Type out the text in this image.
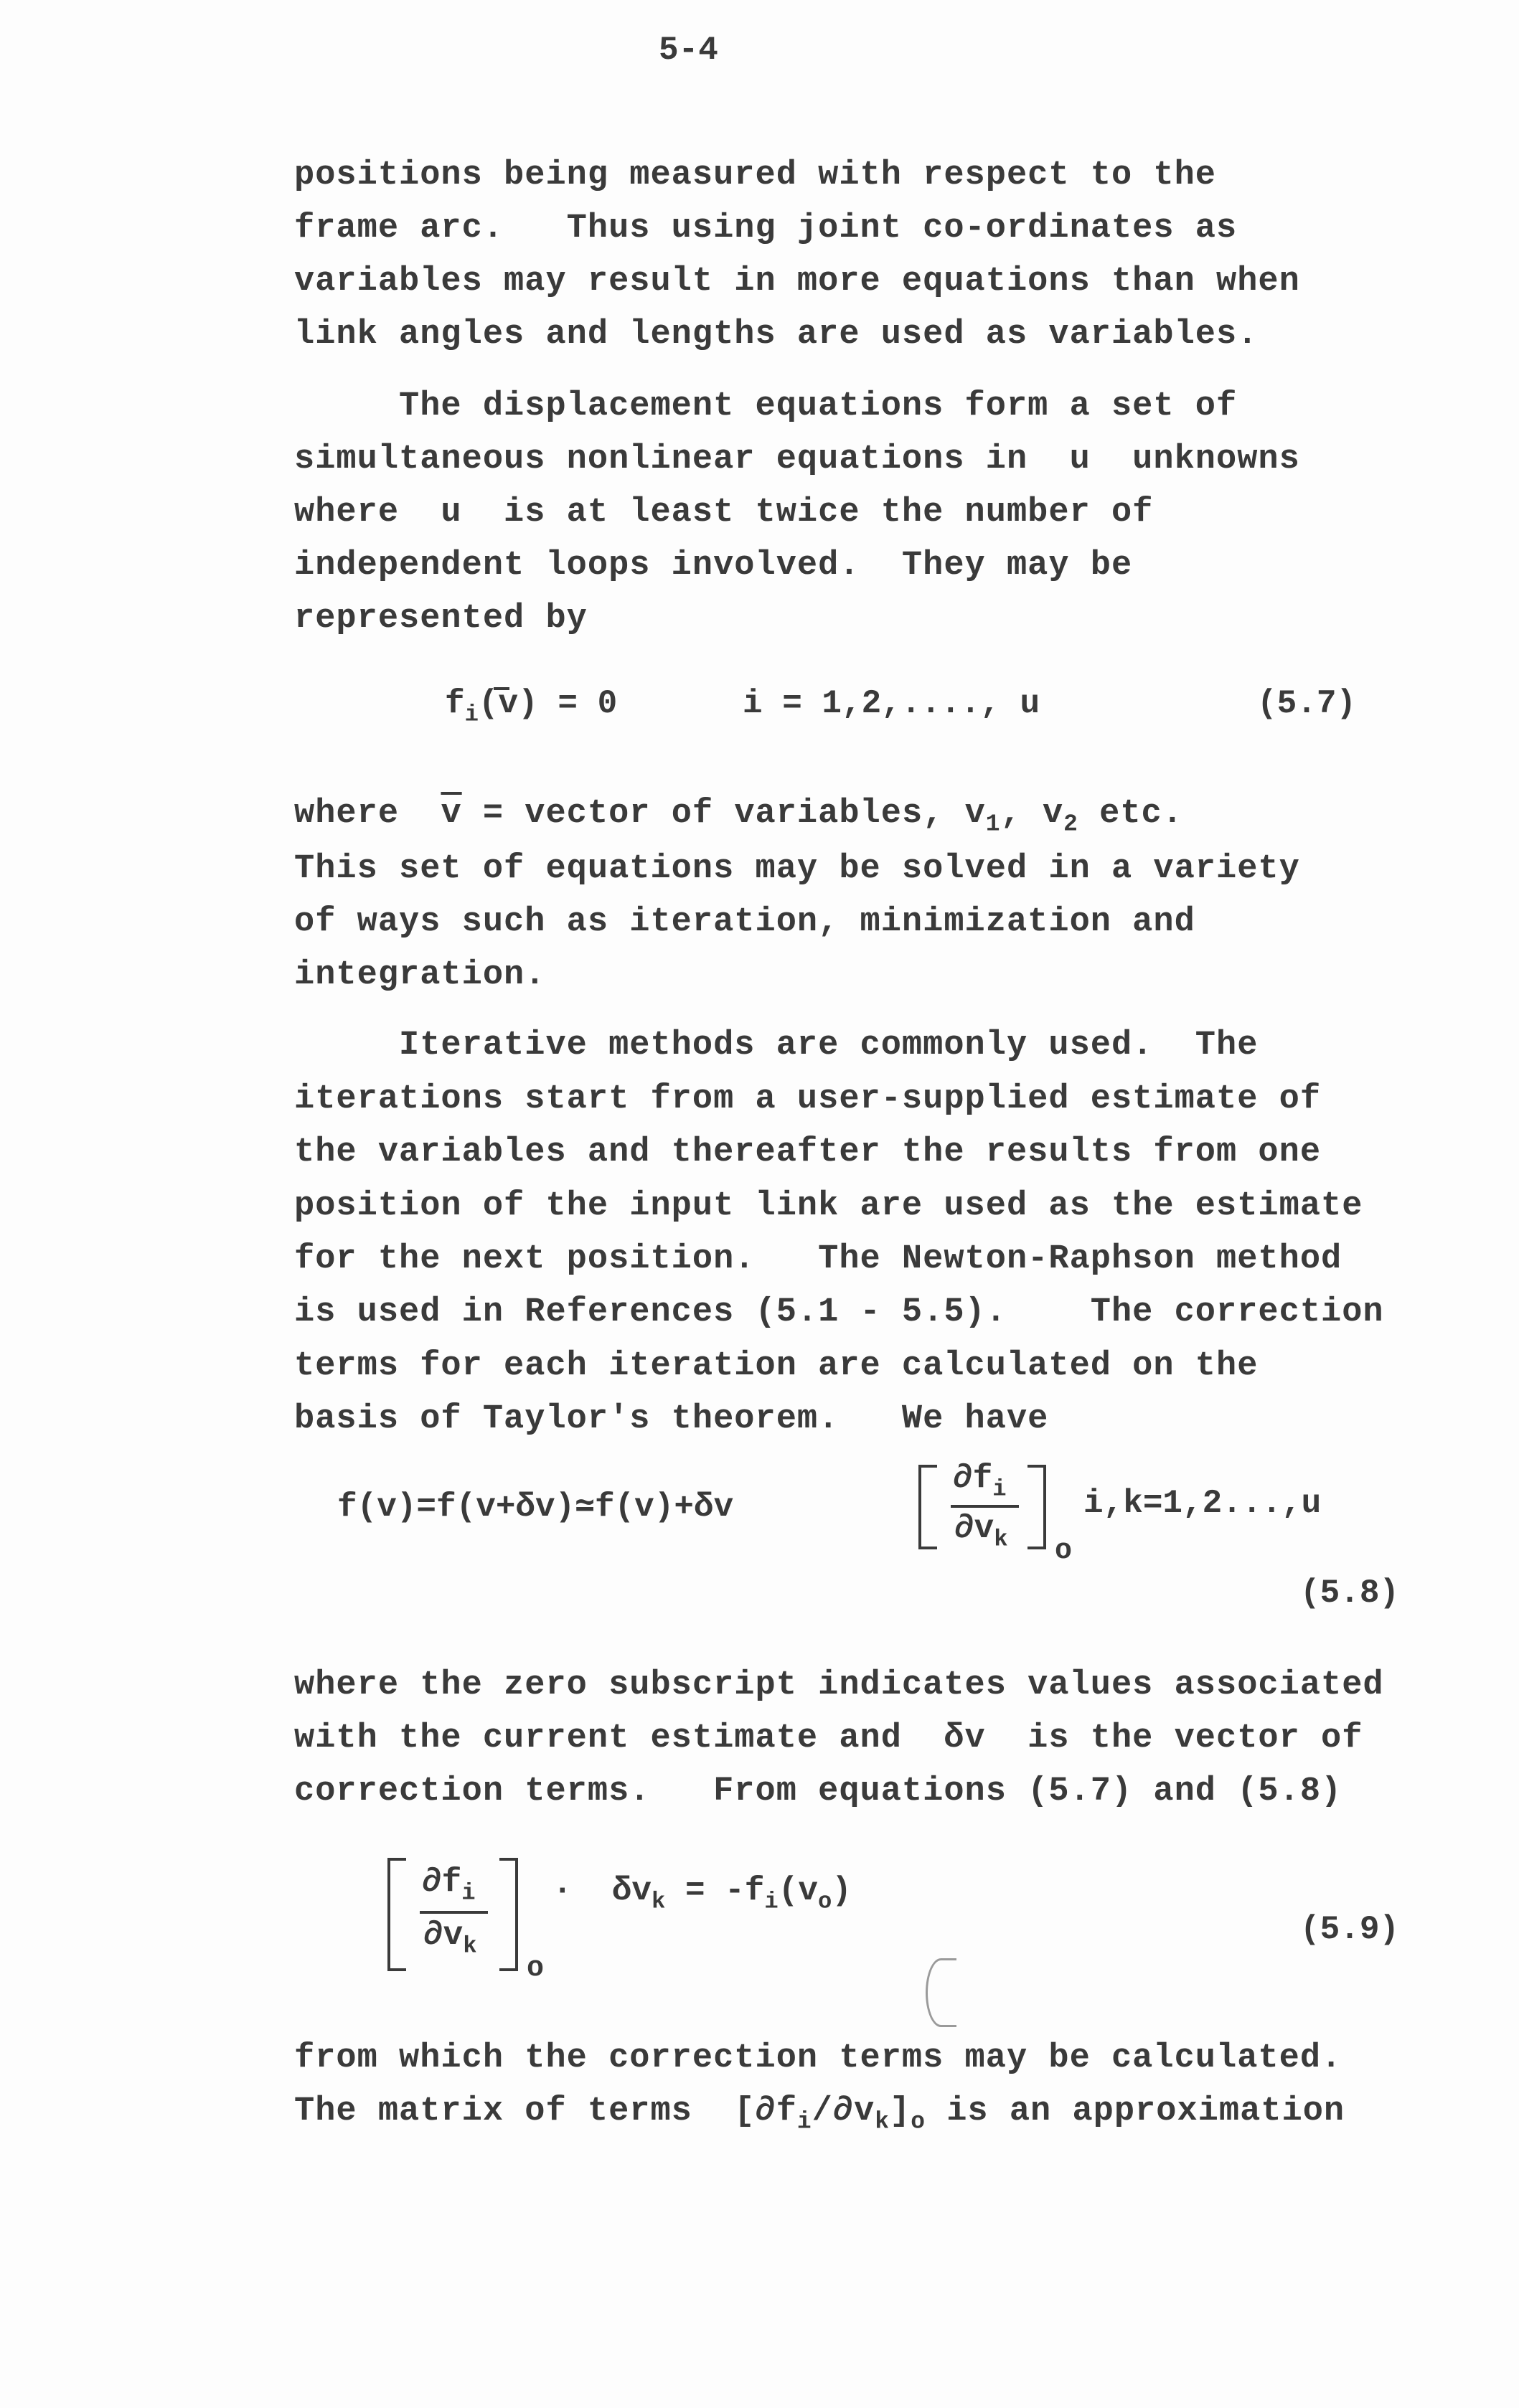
5-4
positions being measured with respect to the
frame arc.   Thus using joint co-ordinates as
variables may result in more equations than when
link angles and lengths are used as variables.
The displacement equations form a set of
simultaneous nonlinear equations in  u  unknowns
where  u  is at least twice the number of
independent loops involved.  They may be
represented by
$f_i(v) = 0$	i = 1,2,...., u	(5.7)
where  $\overline{v}$ = vector of variables, $v_1$, $v_2$ etc.
This set of equations may be solved in a variety
of ways such as iteration, minimization and
integration.
Iterative methods are commonly used.  The
iterations start from a user-supplied estimate of
the variables and thereafter the results from one
position of the input link are used as the estimate
for the next position.   The Newton-Raphson method
is used in References (5.1 - 5.5).    The correction
terms for each iteration are calculated on the
basis of Taylor's theorem.   We have
f(v)=f(v+δv)≃f(v)+δv
$\partial f_i$
$\partial v_k$ o
i,k=1,2...,u
(5.8)
where the zero subscript indicates values associated
with the current estimate and  δv  is the vector of
correction terms.   From equations (5.7) and (5.8)
$\partial f_i$
$\partial v_k$
o
·  $\delta v_k = -f_i(v_o)$
(5.9)
from which the correction terms may be calculated.
The matrix of terms  $[\partial f_i/\partial v_k]_o$ is an approximation
